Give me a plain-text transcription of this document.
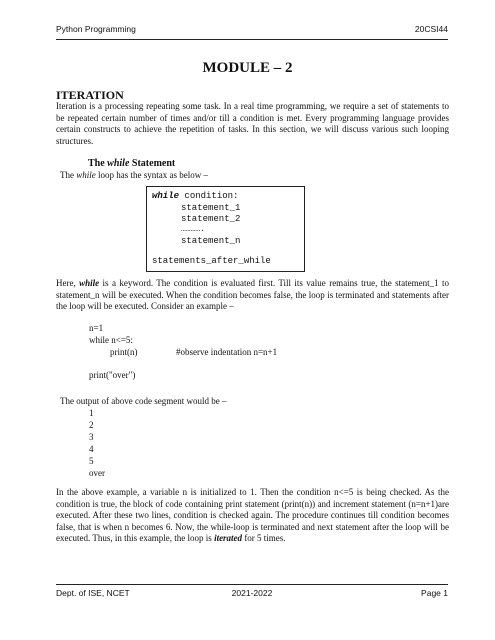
Python Programming	20CSI44
MODULE – 2
ITERATION

Iteration is a processing repeating some task. In a real time programming, we require a set of statements to be repeated certain number of times and/or till a condition is met. Every programming language provides certain constructs to achieve the repetition of tasks. In this section, we will discuss various such looping structures.

The while Statement
The while loop has the syntax as below –
while condition:
statement_1
statement_2
………….
statement_n
statements_after_while

Here, while is a keyword. The condition is evaluated first. Till its value remains true, the statement_1 to statement_n will be executed. When the condition becomes false, the loop is terminated and statements after the loop will be executed. Consider an example –

n=1
while n<=5:
print(n)	#observe indentation n=n+1
print("over")
The output of above code segment would be –
1
2
3
4
5
over

In the above example, a variable n is initialized to 1. Then the condition n<=5 is being checked. As the condition is true, the block of code containing print statement (print(n)) and increment statement (n=n+1)are executed. After these two lines, condition is checked again. The procedure continues till condition becomes false, that is when n becomes 6. Now, the while-loop is terminated and next statement after the loop will be executed. Thus, in this example, the loop is iterated for 5 times.

Dept. of ISE, NCET	2021-2022	Page 1
